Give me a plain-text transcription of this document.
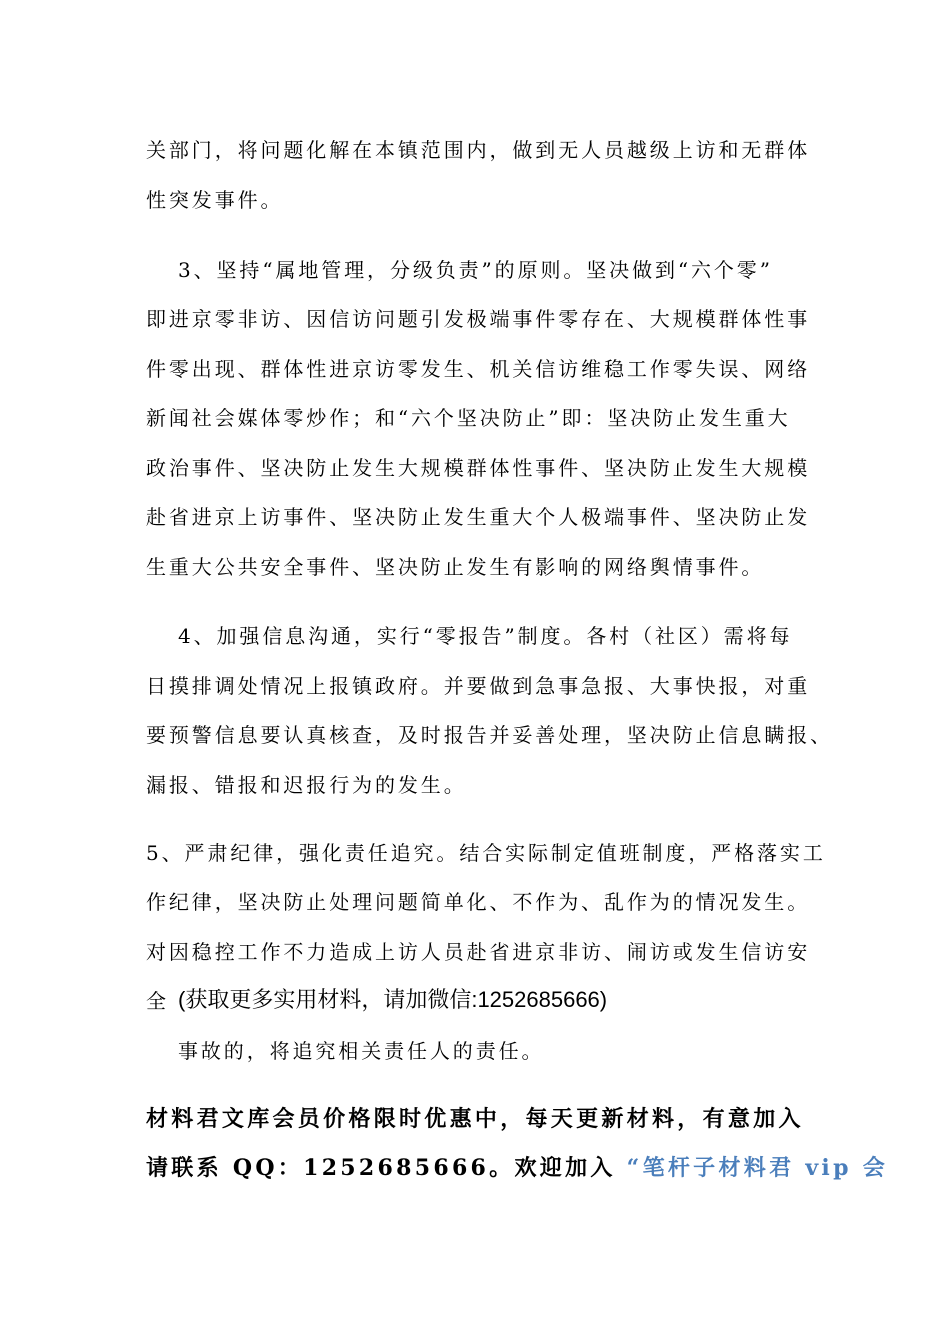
关部门，将问题化解在本镇范围内，做到无人员越级上访和无群体
性突发事件。
3、坚持“属地管理，分级负责”的原则。坚决做到“六个零”
即进京零非访、因信访问题引发极端事件零存在、大规模群体性事
件零出现、群体性进京访零发生、机关信访维稳工作零失误、网络
新闻社会媒体零炒作；和“六个坚决防止”即：坚决防止发生重大
政治事件、坚决防止发生大规模群体性事件、坚决防止发生大规模
赴省进京上访事件、坚决防止发生重大个人极端事件、坚决防止发
生重大公共安全事件、坚决防止发生有影响的网络舆情事件。
4、加强信息沟通，实行“零报告”制度。各村（社区）需将每
日摸排调处情况上报镇政府。并要做到急事急报、大事快报，对重
要预警信息要认真核查，及时报告并妥善处理，坚决防止信息瞒报、
漏报、错报和迟报行为的发生。
5、严肃纪律，强化责任追究。结合实际制定值班制度，严格落实工
作纪律，坚决防止处理问题简单化、不作为、乱作为的情况发生。
对因稳控工作不力造成上访人员赴省进京非访、闹访或发生信访安
全 (获取更多实用材料，请加微信:1252685666)
事故的，将追究相关责任人的责任。
材料君文库会员价格限时优惠中，每天更新材料，有意加入
请联系 QQ：1252685666。欢迎加入 “笔杆子材料君 vip 会
